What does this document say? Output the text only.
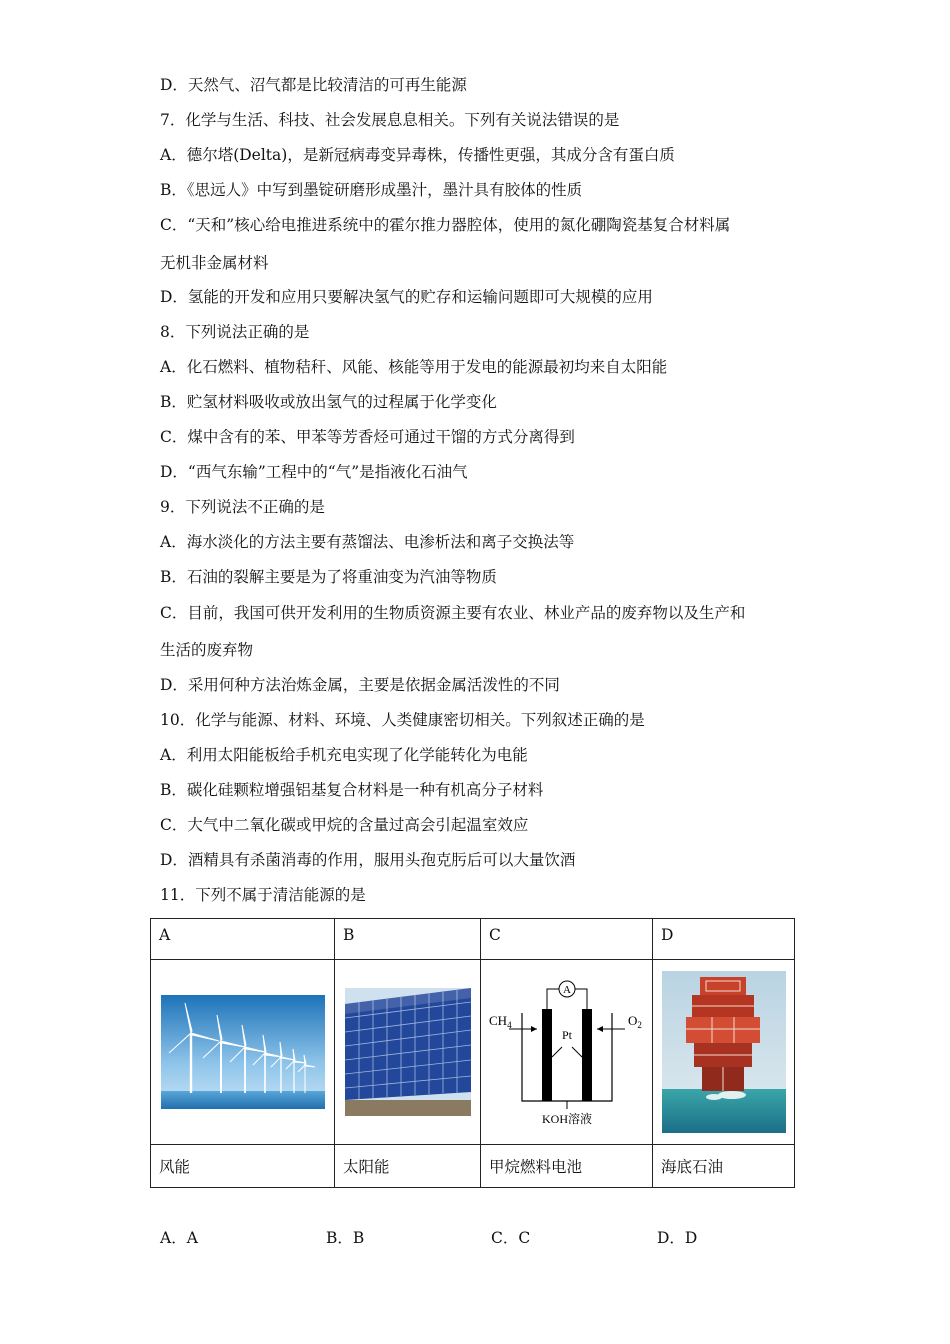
D．天然气、沼气都是比较清洁的可再生能源
7．化学与生活、科技、社会发展息息相关。下列有关说法错误的是
A．德尔塔(Delta)，是新冠病毒变异毒株，传播性更强，其成分含有蛋白质
B．《思远人》中写到墨锭研磨形成墨汁，墨汁具有胶体的性质
C．“天和”核心给电推进系统中的霍尔推力器腔体，使用的氮化硼陶瓷基复合材料属
无机非金属材料
D．氢能的开发和应用只要解决氢气的贮存和运输问题即可大规模的应用
8．下列说法正确的是
A．化石燃料、植物秸秆、风能、核能等用于发电的能源最初均来自太阳能
B．贮氢材料吸收或放出氢气的过程属于化学变化
C．煤中含有的苯、甲苯等芳香烃可通过干馏的方式分离得到
D．“西气东输”工程中的“气”是指液化石油气
9．下列说法不正确的是
A．海水淡化的方法主要有蒸馏法、电渗析法和离子交换法等
B．石油的裂解主要是为了将重油变为汽油等物质
C．目前，我国可供开发利用的生物质资源主要有农业、林业产品的废弃物以及生产和
生活的废弃物
D．采用何种方法治炼金属，主要是依据金属活泼性的不同
10．化学与能源、材料、环境、人类健康密切相关。下列叙述正确的是
A．利用太阳能板给手机充电实现了化学能转化为电能
B．碳化硅颗粒增强铝基复合材料是一种有机高分子材料
C．大气中二氧化碳或甲烷的含量过高会引起温室效应
D．酒精具有杀菌消毒的作用，服用头孢克肟后可以大量饮酒
11．下列不属于清洁能源的是
A	B	C	D

A
Pt
$CH_4$ $O_2$
KOH溶液

风能	太阳能	甲烷燃料电池	海底石油
A．A	B．B	C．C	D．D
